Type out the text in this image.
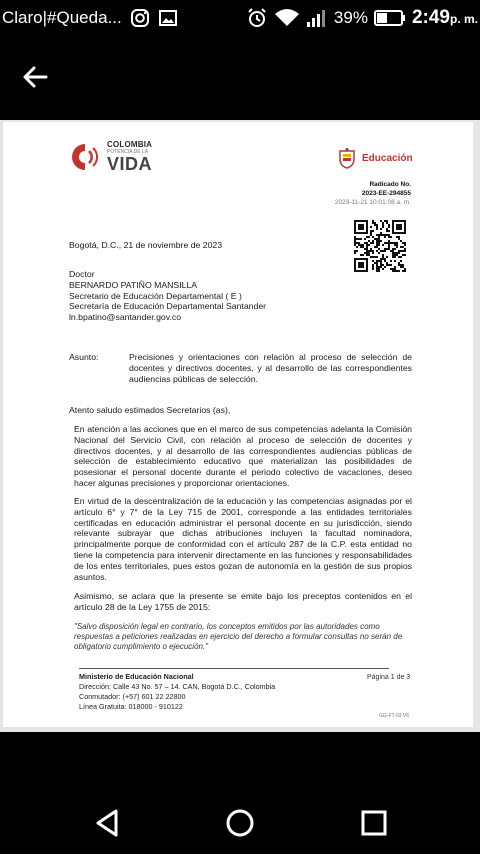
Claro|#Queda...	39% 2:49p. m.
COLOMBIA
POTENCIA DE LA
VIDA	Educación
Radicado No.
2023-EE-294855
2023-11-21 10:01:08 a. m.
Bogotá, D.C., 21 de noviembre de 2023
Doctor
BERNARDO PATIÑO MANSILLA
Secretario de Educación Departamental ( E )
Secretaría de Educación Departamental Santander
ln.bpatino@santander.gov.co
Asunto:	Precisiones y orientaciones con relación al proceso de selección de docentes y directivos docentes, y al desarrollo de las correspondientes audiencias públicas de selección.
Atento saludo estimados Secretarios (as),
En atención a las acciones que en el marco de sus competencias adelanta la Comisión Nacional del Servicio Civil, con relación al proceso de selección de docentes y directivos docentes, y al desarrollo de las correspondientes audiencias públicas de selección de establecimiento educativo que materializan las posibilidades de posesionar el personal docente durante el periodo colectivo de vacaciones, deseo hacer algunas precisiones y proporcionar orientaciones.
En virtud de la descentralización de la educación y las competencias asignadas por el artículo 6° y 7° de la Ley 715 de 2001, corresponde a las entidades territoriales certificadas en educación administrar el personal docente en su jurisdicción, siendo relevante subrayar que dichas atribuciones incluyen la facultad nominadora, principalmente porque de conformidad con el artículo 287 de la C.P. esta entidad no tiene la competencia para intervenir directamente en las funciones y responsabilidades de los entes territoriales, pues estos gozan de autonomía en la gestión de sus propios asuntos.
Asimismo, se aclara que la presente se emite bajo los preceptos contenidos en el artículo 28 de la Ley 1755 de 2015:
"Salvo disposición legal en contrario, los conceptos emitidos por las autoridades como respuestas a peticiones realizadas en ejercicio del derecho a formular consultas no serán de obligatorio cumplimiento o ejecución."
Ministerio de Educación Nacional
Dirección: Calle 43 No. 57 – 14. CAN, Bogotá D.C., Colombia
Conmutador: (+57) 601 22 22800
Línea Gratuita: 018000 - 910122
Página 1 de 3
GG-FT-03 V6
